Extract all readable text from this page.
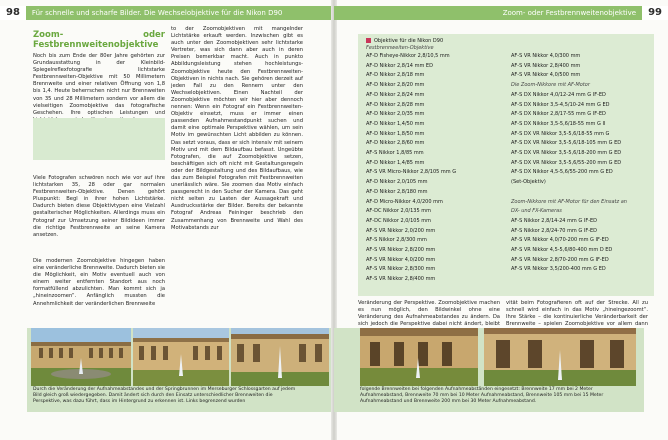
98	Für schnelle und scharfe Bilder. Die Wechselobjektive für die Nikon D90
Zoom- oder Festbrennweitenobjektive

Noch bis zum Ende der 80er Jahre gehörten zur Grundausstattung in der Kleinbild-Spiegelreflexfotografie lichtstarke Festbrennweiten-Objektive mit 50 Millimetern Brennweite und einer relativen Öffnung von 1,8 bis 1,4. Heute beherrschen nicht nur Brennweiten von 35 und 28 Millimetern sondern vor allem die vielseitigen Zoomobjektive das fotografische Geschehen. Ihre optischen Leistungen und

Viele Fotografen schwören noch wie vor auf ihre lichtstarken 35, 28 oder gar normalen Festbrennweiten-Objektive. Denen gehört Pluspunkt: Begl in ihrer hohen Lichtstärke. Dadurch bieten diese Objektivtypen eine Vielzahl gestalterischer Möglichkeiten. Allerdings muss ein Fotograf zur Umsetzung seiner Bildideen immer die richtige Festbrennweite an seine Kamera ansetzen.

Die modernen Zoomobjektive hingegen haben eine veränderliche Brennweite. Dadurch bieten sie die Möglichkeit, ein Motiv eventuell auch von einem weiter entfernten Standort aus noch formatfüllend abzulichten. Man kommt sich ja „hineinzoomen“. Anfänglich mussten die Annehmlichkeit der veränderlichen Brennweite

to der Zoomobjektiven mit mangelnder Lichtstärke erkauft werden. Inzwischen gibt es auch unter den Zoomobjektiven sehr lichtstarke Vertreter, was sich dann aber auch in deren Preisen bemerkbar macht. Auch in punkto Abbildungsleistung stehen hochleistungs-Zoomobjektive heute den Festbrennweiten-Objektiven in nichts nach. Sie gehören derzeit auf jeden Fall zu den Rennern unter den Wechselobjektiven. Einen Nachteil der Zoomobjektive möchten wir hier aber dennoch nennen: Wenn ein Fotograf ein Festbrennweiten-Objektiv einsetzt, muss er immer einen passenden Aufnahmestandpunkt suchen und damit eine optimale Perspektive wählen, um sein Motiv im gewünschten Licht abbilden zu können. Das setzt voraus, dass er sich intensiv mit seinem Motiv und mit dem Bildaufbau befasst. Ungeübte Fotografen, die auf Zoomobjektive setzen, beschäftigen sich oft nicht mit Gestaltungsregeln oder der Bildgestaltung und des Bildaufbaus, wie das zum Beispiel Fotografen mit Festbrennweiten unerlässlich wäre. Sie zoomen das Motiv einfach passgerecht in den Sucher der Kamera. Das geht nicht selten zu Lasten der Aussagekraft und Ausdrucksstärke der Bilder. Bereits der bekannte Fotograf Andreas Feininger beschrieb den Zusammenhang von Brennweite und Wahl des Motivabstands zur

Durch die Veränderung der Aufnahmeabstandes und der Springbrunnen im Merseburger Schlossgarten auf jedem Bild gleich groß wiedergegeben. Damit ändert sich durch den Einsatz unterschiedlicher Brennweiten die Perspektive, was dazu führt, dass im Hintergrund zu erkennen ist. Links begrenzend wurden
Zoom- oder Festbrennweitenobjektive	99
Objektive für die Nikon D90
Festbrennweiten-Objektive
AF-D Fisheye-Nikkor 2,8/10,5 mm	AF-S VR Nikkor 4,0/300 mm
AF-D Nikkor 2,8/14 mm ED	AF-S VR Nikkor 2,8/400 mm
AF-D Nikkor 2,8/18 mm	AF-S VR Nikkor 4,0/500 mm
AF-D Nikkor 2,8/20 mm	Die Zoom-Nikkore mit AF-Motor
AF-D Nikkor 2,8/24 mm	AF-S DX Nikkor 4,0/12-24 mm G IF-ED
AF-D Nikkor 2,8/28 mm	AF-S DX Nikkor 3,5-4,5/10-24 mm G ED
AF-D Nikkor 2,0/35 mm	AF-S DX Nikkor 2,8/17-55 mm G IF-ED
AF-D Nikkor 1,4/50 mm	AF-S DX Nikkor 3,5-5,6/18-55 mm G II
AF-D Nikkor 1,8/50 mm	AF-S DX VR Nikkor 3,5-5,6/18-55 mm G
AF-D Nikkor 2,8/60 mm	AF-S DX VR Nikkor 3,5-5,6/18-105 mm G ED
AF-S Nikkor 1,8/85 mm	AF-S DX VR Nikkor 3,5-5,6/18-200 mm G ED
AF-D Nikkor 1,4/85 mm	AF-S DX VR Nikkor 3,5-5,6/55-200 mm G ED
AF-S VR Micro-Nikkor 2,8/105 mm G	AF-S DX Nikkor 4,5-5,6/55-200 mm G ED
AF-D Nikkor 2,0/105 mm	(Set-Objektiv)
AF-D Nikkor 2,8/180 mm
AF-D Micro-Nikkor 4,0/200 mm	Zoom-Nikkore mit AF-Motor für den Einsatz an
AF-DC Nikkor 2,0/135 mm	DX- und FX-Kameras
AF-DC Nikkor 2,0/105 mm	AF-S Nikkor 2,8/14-24 mm G IF-ED
AF-S VR Nikkor 2,0/200 mm	AF-S Nikkor 2,8/24-70 mm G IF-ED
AF-S Nikkor 2,8/300 mm	AF-S VR Nikkor 4,0/70-200 mm G IF-ED
AF-S VR Nikkor 2,8/200 mm	AF-S VR Nikkor 4,5-5,6/80-400 mm D ED
AF-S VR Nikkor 4,0/200 mm	AF-S VR Nikkor 2,8/70-200 mm G IF-ED
AF-S VR Nikkor 2,8/300 mm	AF-S VR Nikkor 3,5/200-400 mm G ED
AF-S VR Nikkor 2,8/400 mm

Veränderung der Perspektive. Zoomobjektive machen es nun möglich, den Bildwinkel ohne eine Veränderung des Aufnahmeabstandes zu ändern. Da sich jedoch die Perspektive dabei nicht ändert, bleibt

vität beim Fotografieren oft auf der Strecke. All zu schnell wird einfach in das Motiv „hineingezoomt“. Ihre Stärke – die kontinuierliche Veränderbarkeit der Brennweite – spielen Zoomobjektive vor allem dann

folgende Brennweiten bei folgenden Aufnahmeabständen eingesetzt: Brennweite 17 mm bei 2 Meter Aufnahmeabstand, Brennweite 70 mm bei 10 Meter Aufnahmeabstand, Brennweite 105 mm bei 15 Meter Aufnahmeabstand und Brennweite 200 mm bei 30 Meter Aufnahmeabstand.
